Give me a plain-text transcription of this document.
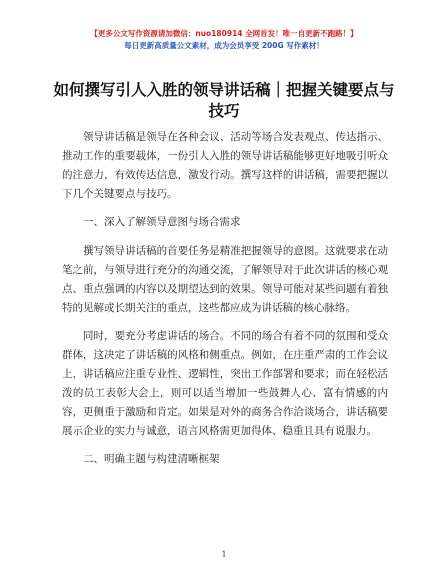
【更多公文写作资源请加微信：nuo180914 全网首发！唯一自更新不跑路！】
每日更新高质量公文素材，成为会员享受 200G 写作素材！
如何撰写引人入胜的领导讲话稿｜把握关键要点与技巧

领导讲话稿是领导在各种会议、活动等场合发表观点、传达指示、推动工作的重要载体，一份引人入胜的领导讲话稿能够更好地吸引听众的注意力，有效传达信息，激发行动。撰写这样的讲话稿，需要把握以下几个关键要点与技巧。

一、深入了解领导意图与场合需求

撰写领导讲话稿的首要任务是精准把握领导的意图。这就要求在动笔之前，与领导进行充分的沟通交流，了解领导对于此次讲话的核心观点、重点强调的内容以及期望达到的效果。领导可能对某些问题有着独特的见解或长期关注的重点，这些都应成为讲话稿的核心脉络。

同时，要充分考虑讲话的场合。不同的场合有着不同的氛围和受众群体，这决定了讲话稿的风格和侧重点。例如，在庄重严肃的工作会议上，讲话稿应注重专业性、逻辑性，突出工作部署和要求；而在轻松活泼的员工表彰大会上，则可以适当增加一些鼓舞人心、富有情感的内容，更侧重于激励和肯定。如果是对外的商务合作洽谈场合，讲话稿要展示企业的实力与诚意，语言风格需更加得体、稳重且具有说服力。

二、明确主题与构建清晰框架

1
